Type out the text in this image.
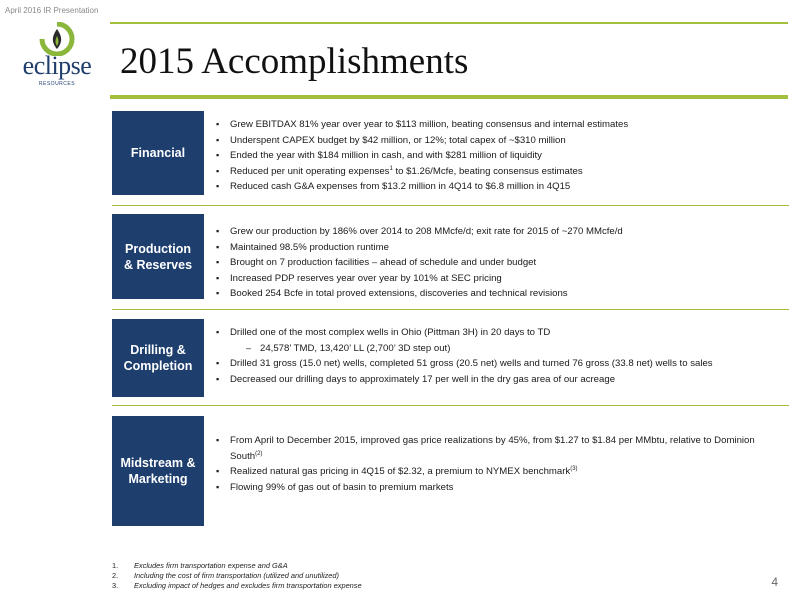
April 2016 IR Presentation
eclipse
RESOURCES
2015 Accomplishments
Financial
▪ Grew EBITDAX 81% year over year to $113 million, beating consensus and internal estimates
▪ Underspent CAPEX budget by $42 million, or 12%; total capex of ~$310 million
▪ Ended the year with $184 million in cash, and with $281 million of liquidity
▪ Reduced per unit operating expenses$^1$ to $1.26/Mcfe, beating consensus estimates
▪ Reduced cash G&A expenses from $13.2 million in 4Q14 to $6.8 million in 4Q15
Production
& Reserves
▪ Grew our production by 186% over 2014 to 208 MMcfe/d; exit rate for 2015 of ~270 MMcfe/d
▪ Maintained 98.5% production runtime
▪ Brought on 7 production facilities – ahead of schedule and under budget
▪ Increased PDP reserves year over year by 101% at SEC pricing
▪ Booked 254 Bcfe in total proved extensions, discoveries and technical revisions
Drilling &
Completion
▪ Drilled one of the most complex wells in Ohio (Pittman 3H) in 20 days to TD
– 24,578’ TMD, 13,420’ LL (2,700’ 3D step out)
▪ Drilled 31 gross (15.0 net) wells, completed 51 gross (20.5 net) wells and turned 76 gross (33.8 net) wells to sales
▪ Decreased our drilling days to approximately 17 per well in the dry gas area of our acreage
Midstream &
Marketing
▪ From April to December 2015, improved gas price realizations by 45%, from $1.27 to $1.84 per MMbtu, relative to Dominion South$^{(2)}$
▪ Realized natural gas pricing in 4Q15 of $2.32, a premium to NYMEX benchmark$^{(3)}$
▪ Flowing 99% of gas out of basin to premium markets
1. Excludes firm transportation expense and G&A
2. Including the cost of firm transportation (utilized and unutilized)
3. Excluding impact of hedges and excludes firm transportation expense	4
